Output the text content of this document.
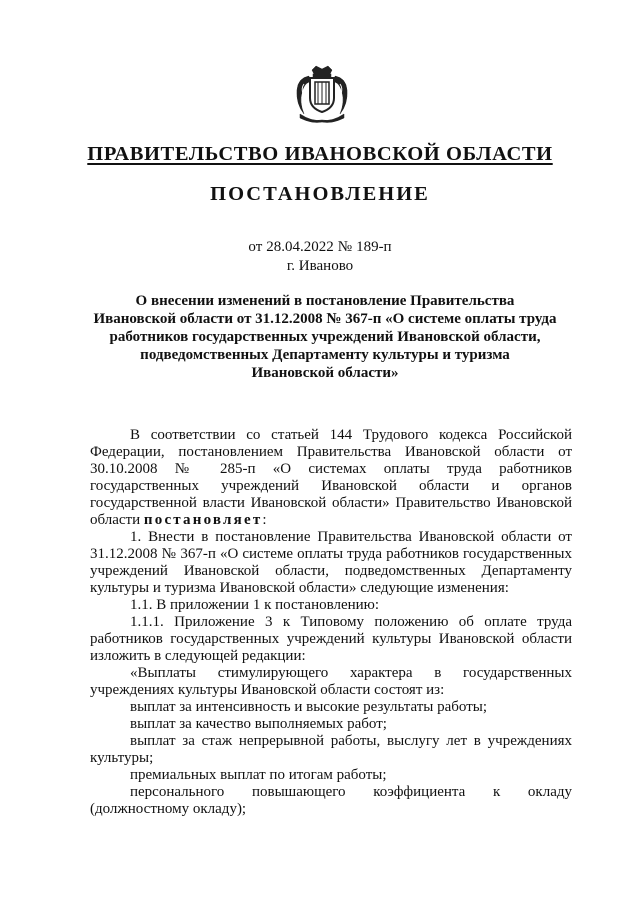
ПРАВИТЕЛЬСТВО ИВАНОВСКОЙ ОБЛАСТИ
ПОСТАНОВЛЕНИЕ
от 28.04.2022 № 189-п
г. Иваново
О внесении изменений в постановление Правительства
Ивановской области от 31.12.2008 № 367-п «О системе оплаты труда
работников государственных учреждений Ивановской области,
подведомственных Департаменту культуры и туризма
Ивановской области»
В соответствии со статьей 144 Трудового кодекса Российской Федерации, постановлением Правительства Ивановской области от 30.10.2008 № 285-п «О системах оплаты труда работников государственных учреждений Ивановской области и органов государственной власти Ивановской области» Правительство Ивановской области постановляет:
1. Внести в постановление Правительства Ивановской области от 31.12.2008 № 367-п «О системе оплаты труда работников государственных учреждений Ивановской области, подведомственных Департаменту культуры и туризма Ивановской области» следующие изменения:
1.1. В приложении 1 к постановлению:
1.1.1. Приложение 3 к Типовому положению об оплате труда работников государственных учреждений культуры Ивановской области изложить в следующей редакции:
«Выплаты стимулирующего характера в государственных учреждениях культуры Ивановской области состоят из:
выплат за интенсивность и высокие результаты работы;
выплат за качество выполняемых работ;
выплат за стаж непрерывной работы, выслугу лет в учреждениях культуры;
премиальных выплат по итогам работы;
персонального повышающего коэффициента к окладу (должностному окладу);
